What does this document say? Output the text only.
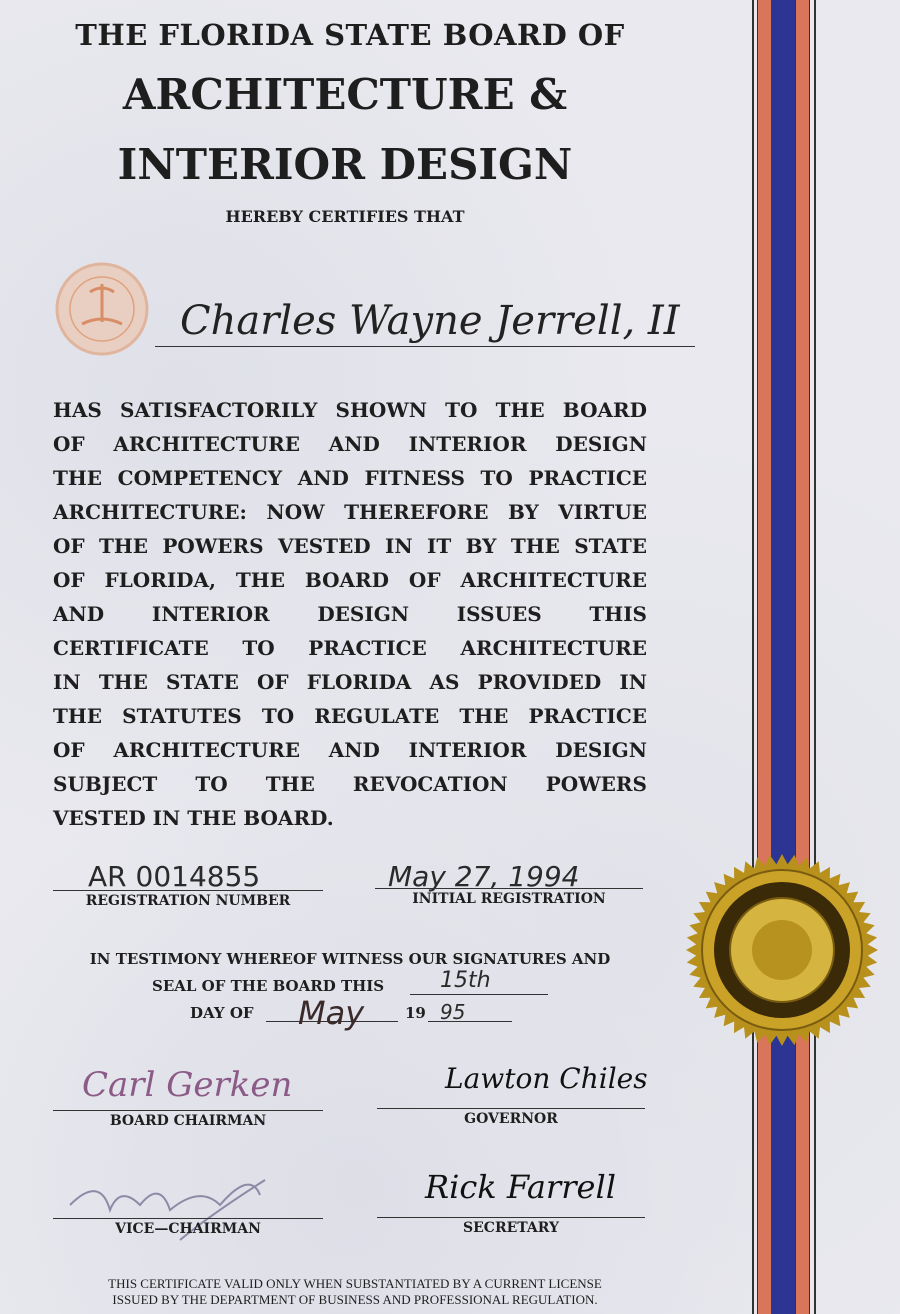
THE FLORIDA STATE BOARD OF
ARCHITECTURE &
INTERIOR DESIGN
HEREBY CERTIFIES THAT
Charles Wayne Jerrell, II
HAS SATISFACTORILY SHOWN TO THE BOARD
OF ARCHITECTURE AND INTERIOR DESIGN
THE COMPETENCY AND FITNESS TO PRACTICE
ARCHITECTURE: NOW THEREFORE BY VIRTUE
OF THE POWERS VESTED IN IT BY THE STATE
OF FLORIDA, THE BOARD OF ARCHITECTURE
AND INTERIOR DESIGN ISSUES THIS
CERTIFICATE TO PRACTICE ARCHITECTURE
IN THE STATE OF FLORIDA AS PROVIDED IN
THE STATUTES TO REGULATE THE PRACTICE
OF ARCHITECTURE AND INTERIOR DESIGN
SUBJECT TO THE REVOCATION POWERS
VESTED IN THE BOARD.
AR 0014855
REGISTRATION NUMBER
May 27, 1994
INITIAL REGISTRATION
IN TESTIMONY WHEREOF WITNESS OUR SIGNATURES AND
SEAL OF THE BOARD THIS	15th
DAY OF May	19 95
Carl Gerken
BOARD CHAIRMAN
Lawton Chiles
GOVERNOR
VICE—CHAIRMAN
Rick Farrell
SECRETARY
THIS CERTIFICATE VALID ONLY WHEN SUBSTANTIATED BY A CURRENT LICENSE
ISSUED BY THE DEPARTMENT OF BUSINESS AND PROFESSIONAL REGULATION.
